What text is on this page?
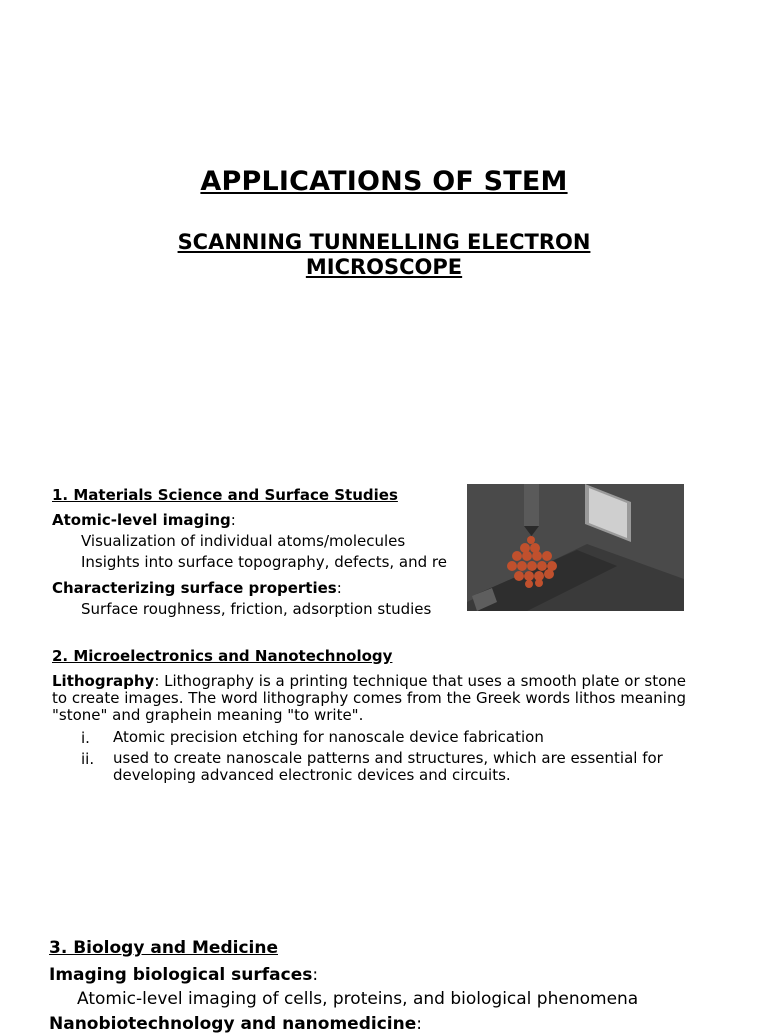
APPLICATIONS OF STEM
SCANNING TUNNELLING ELECTRON MICROSCOPE
1. Materials Science and Surface Studies
Atomic-level imaging:
Visualization of individual atoms/molecules
Insights into surface topography, defects, and re
Characterizing surface properties:
Surface roughness, friction, adsorption studies
2. Microelectronics and Nanotechnology
Lithography: Lithography is a printing technique that uses a smooth plate or stone to create images. The word lithography comes from the Greek words lithos meaning "stone" and graphein meaning "to write".
i. Atomic precision etching for nanoscale device fabrication
ii. used to create nanoscale patterns and structures, which are essential for developing advanced electronic devices and circuits.
3. Biology and Medicine
Imaging biological surfaces:
Atomic-level imaging of cells, proteins, and biological phenomena
Nanobiotechnology and nanomedicine:
